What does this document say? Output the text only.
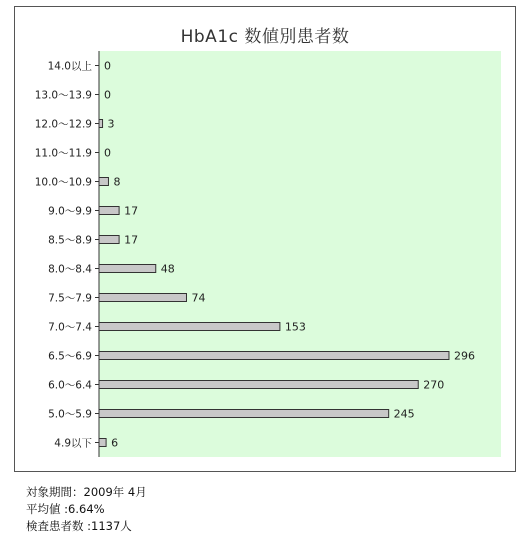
HbA1c 数値別患者数
14.0以上 0
13.0～13.9 0
12.0～12.9 3
11.0～11.9 0
10.0～10.9 8
9.0～9.9	17
8.5～8.9	17
8.0～8.4	48
7.5～7.9	74
7.0～7.4	153
6.5～6.9	296
6.0～6.4	270
5.0～5.9	245
4.9以下 6
対象期間：2009年 4月
平均値 :6.64%
検査患者数 :1137人
